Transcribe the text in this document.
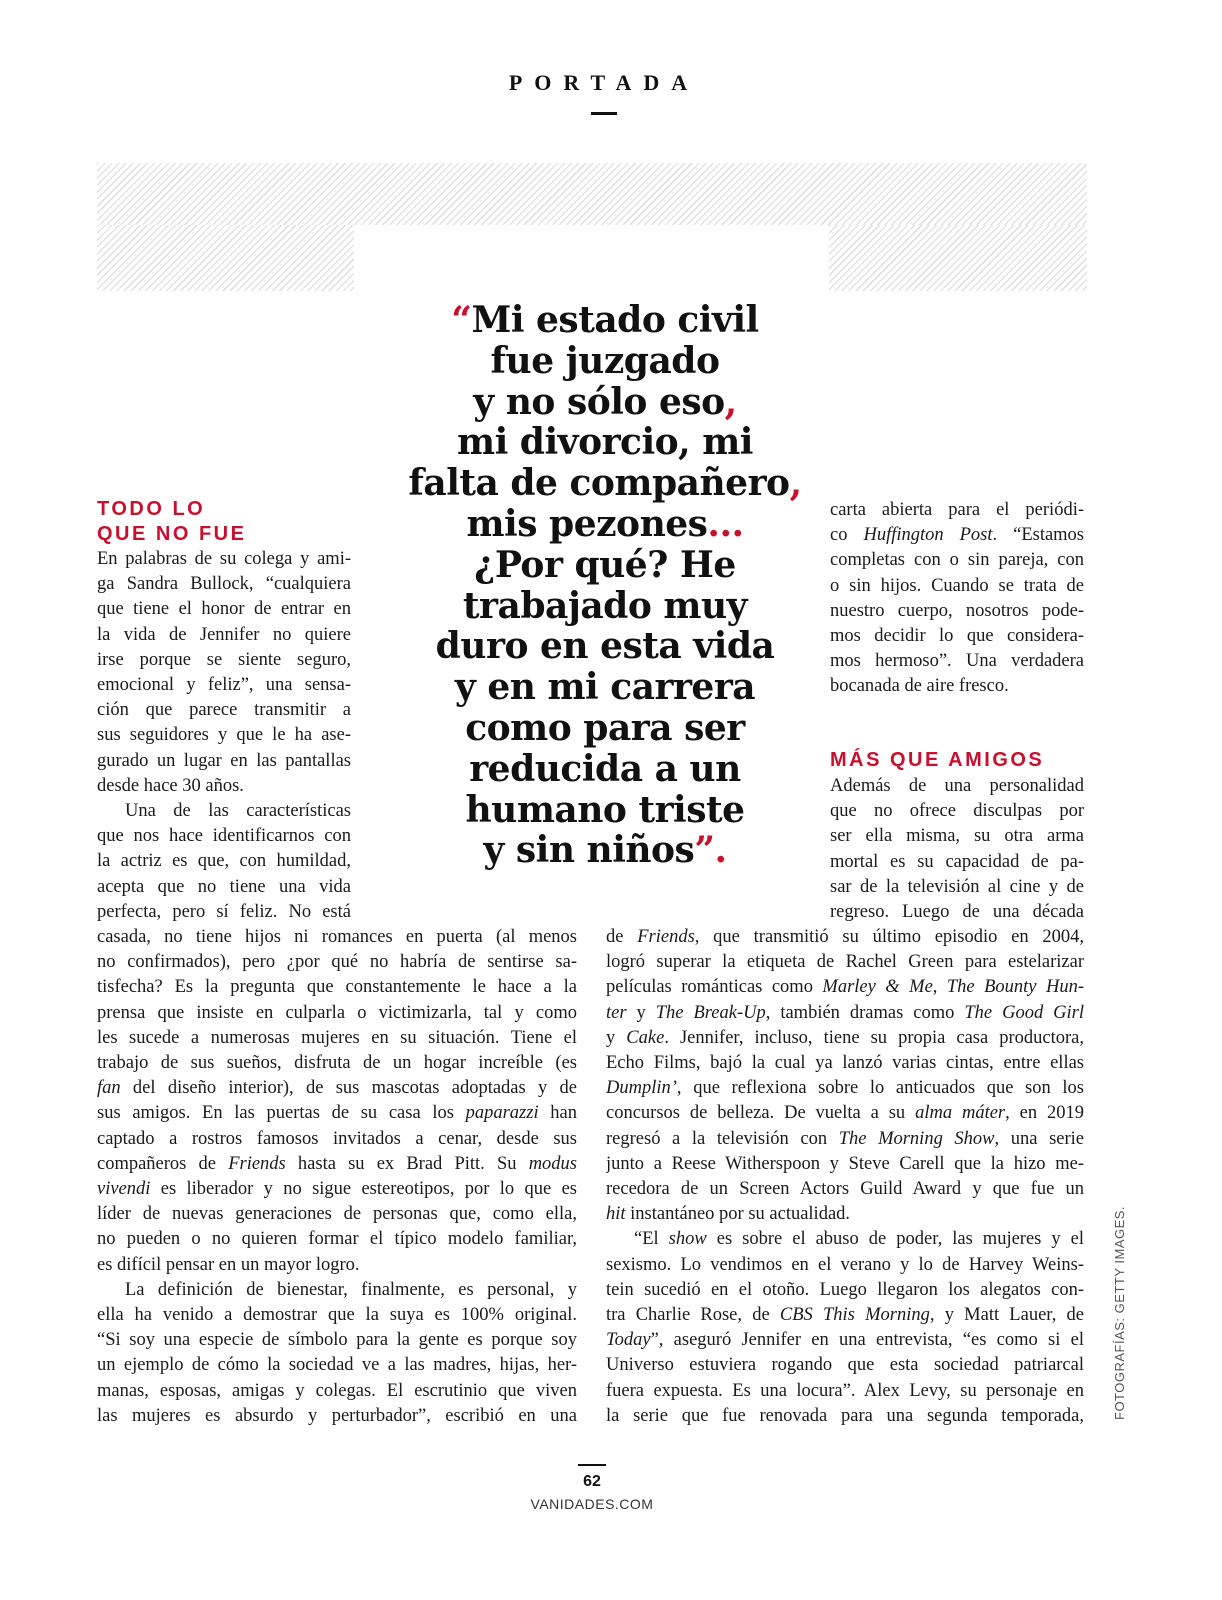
PORTADA
“Mi estado civil
fue juzgado
y no sólo eso,
mi divorcio, mi
falta de compañero,
mis pezones...
¿Por qué? He
trabajado muy
duro en esta vida
y en mi carrera
como para ser
reducida a un
humano triste
y sin niños”.
TODO LO
QUE NO FUE
MÁS QUE AMIGOS
En palabras de su colega y ami-
ga Sandra Bullock, “cualquiera
que tiene el honor de entrar en
la vida de Jennifer no quiere
irse porque se siente seguro,
emocional y feliz”, una sensa-
ción que parece transmitir a
sus seguidores y que le ha ase-
gurado un lugar en las pantallas
desde hace 30 años.
Una de las características
que nos hace identificarnos con
la actriz es que, con humildad,
acepta que no tiene una vida
perfecta, pero sí feliz. No está
casada, no tiene hijos ni romances en puerta (al menos
no confirmados), pero ¿por qué no habría de sentirse sa-
tisfecha? Es la pregunta que constantemente le hace a la
prensa que insiste en culparla o victimizarla, tal y como
les sucede a numerosas mujeres en su situación. Tiene el
trabajo de sus sueños, disfruta de un hogar increíble (es
fan del diseño interior), de sus mascotas adoptadas y de
sus amigos. En las puertas de su casa los paparazzi han
captado a rostros famosos invitados a cenar, desde sus
compañeros de Friends hasta su ex Brad Pitt. Su modus
vivendi es liberador y no sigue estereotipos, por lo que es
líder de nuevas generaciones de personas que, como ella,
no pueden o no quieren formar el típico modelo familiar,
es difícil pensar en un mayor logro.
La definición de bienestar, finalmente, es personal, y
ella ha venido a demostrar que la suya es 100% original.
“Si soy una especie de símbolo para la gente es porque soy
un ejemplo de cómo la sociedad ve a las madres, hijas, her-
manas, esposas, amigas y colegas. El escrutinio que viven
las mujeres es absurdo y perturbador”, escribió en una
carta abierta para el periódi-
co Huffington Post. “Estamos
completas con o sin pareja, con
o sin hijos. Cuando se trata de
nuestro cuerpo, nosotros pode-
mos decidir lo que considera-
mos hermoso”. Una verdadera
bocanada de aire fresco.
Además de una personalidad
que no ofrece disculpas por
ser ella misma, su otra arma
mortal es su capacidad de pa-
sar de la televisión al cine y de
regreso. Luego de una década
de Friends, que transmitió su último episodio en 2004,
logró superar la etiqueta de Rachel Green para estelarizar
películas románticas como Marley & Me, The Bounty Hun-
ter y The Break-Up, también dramas como The Good Girl
y Cake. Jennifer, incluso, tiene su propia casa productora,
Echo Films, bajó la cual ya lanzó varias cintas, entre ellas
Dumplin’, que reflexiona sobre lo anticuados que son los
concursos de belleza. De vuelta a su alma máter, en 2019
regresó a la televisión con The Morning Show, una serie
junto a Reese Witherspoon y Steve Carell que la hizo me-
recedora de un Screen Actors Guild Award y que fue un
hit instantáneo por su actualidad.
“El show es sobre el abuso de poder, las mujeres y el
sexismo. Lo vendimos en el verano y lo de Harvey Weins-
tein sucedió en el otoño. Luego llegaron los alegatos con-
tra Charlie Rose, de CBS This Morning, y Matt Lauer, de
Today”, aseguró Jennifer en una entrevista, “es como si el
Universo estuviera rogando que esta sociedad patriarcal
fuera expuesta. Es una locura”. Alex Levy, su personaje en
la serie que fue renovada para una segunda temporada, FOTOGRAFÍAS: GETTY IMAGES.
62
VANIDADES.COM
